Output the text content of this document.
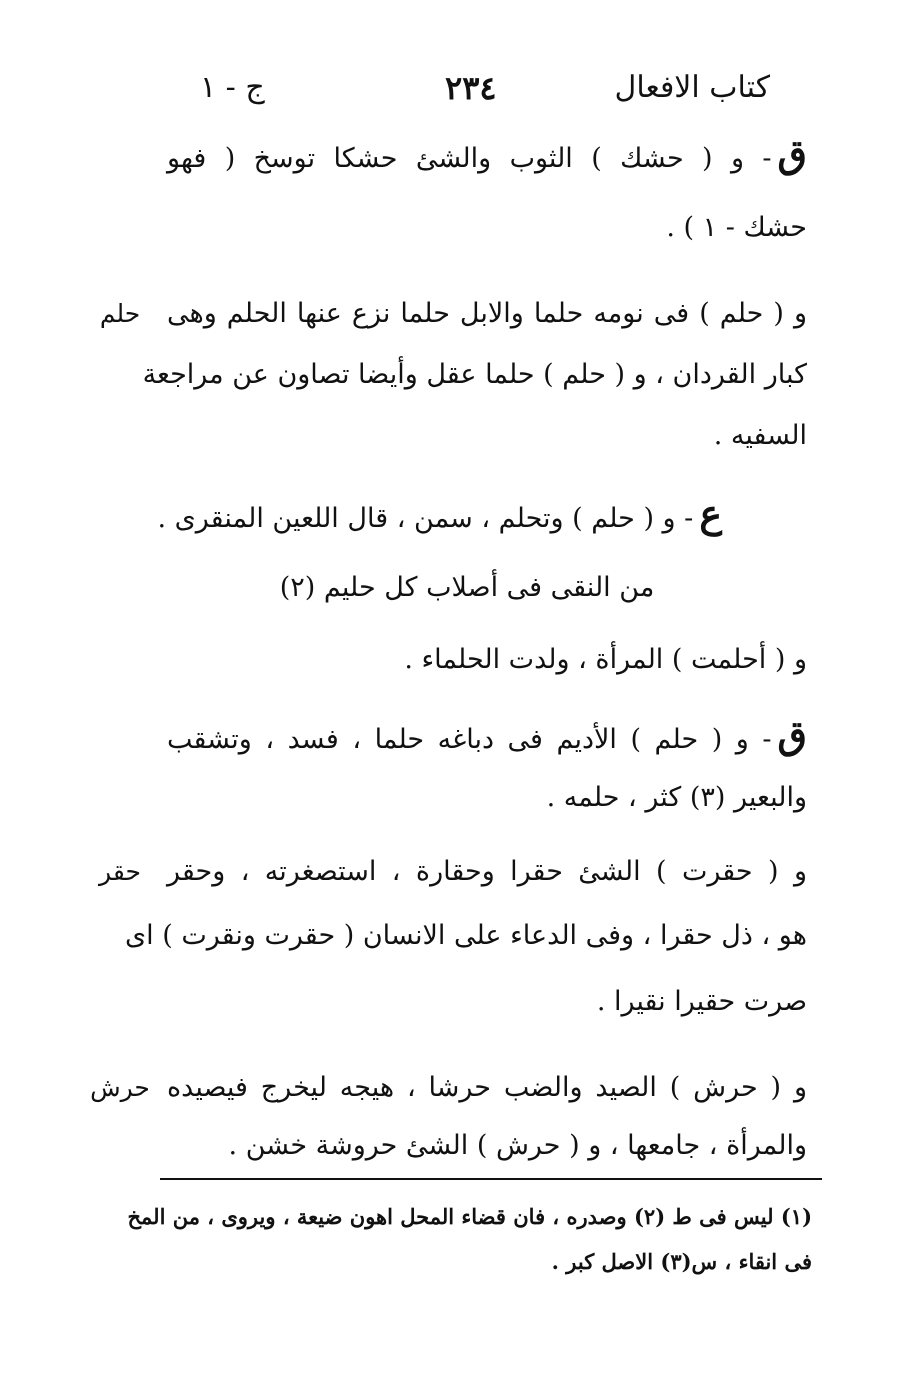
كتاب الافعال
٢٣٤
ج - ١
ق- و ( حشك ) الثوب والشئ حشكا توسخ ( فهو
حشك - ١ ) .
حلم و ( حلم ) فى نومه حلما والابل حلما نزع عنها الحلم وهى
كبار القردان ، و ( حلم ) حلما عقل وأيضا تصاون عن مراجعة
السفيه .
ع- و ( حلم ) وتحلم ، سمن ، قال اللعين المنقرى .
من النقى فى أصلاب كل حليم (٢)
و ( أحلمت ) المرأة ، ولدت الحلماء .
ق- و ( حلم ) الأديم فى دباغه حلما ، فسد ، وتشقب
والبعير (٣) كثر ، حلمه .
حقر و ( حقرت ) الشئ حقرا وحقارة ، استصغرته ، وحقر
هو ، ذل حقرا ، وفى الدعاء على الانسان ( حقرت ونقرت ) اى
صرت حقيرا نقيرا .
حرش و ( حرش ) الصيد والضب حرشا ، هيجه ليخرج فيصيده
والمرأة ، جامعها ، و ( حرش ) الشئ حروشة خشن .
(١) ليس فى ط (٢) وصدره ، فان قضاء المحل اهون ضيعة ، ويروى ، من المخ
فى انقاء ، س(٣) الاصل كبر .
